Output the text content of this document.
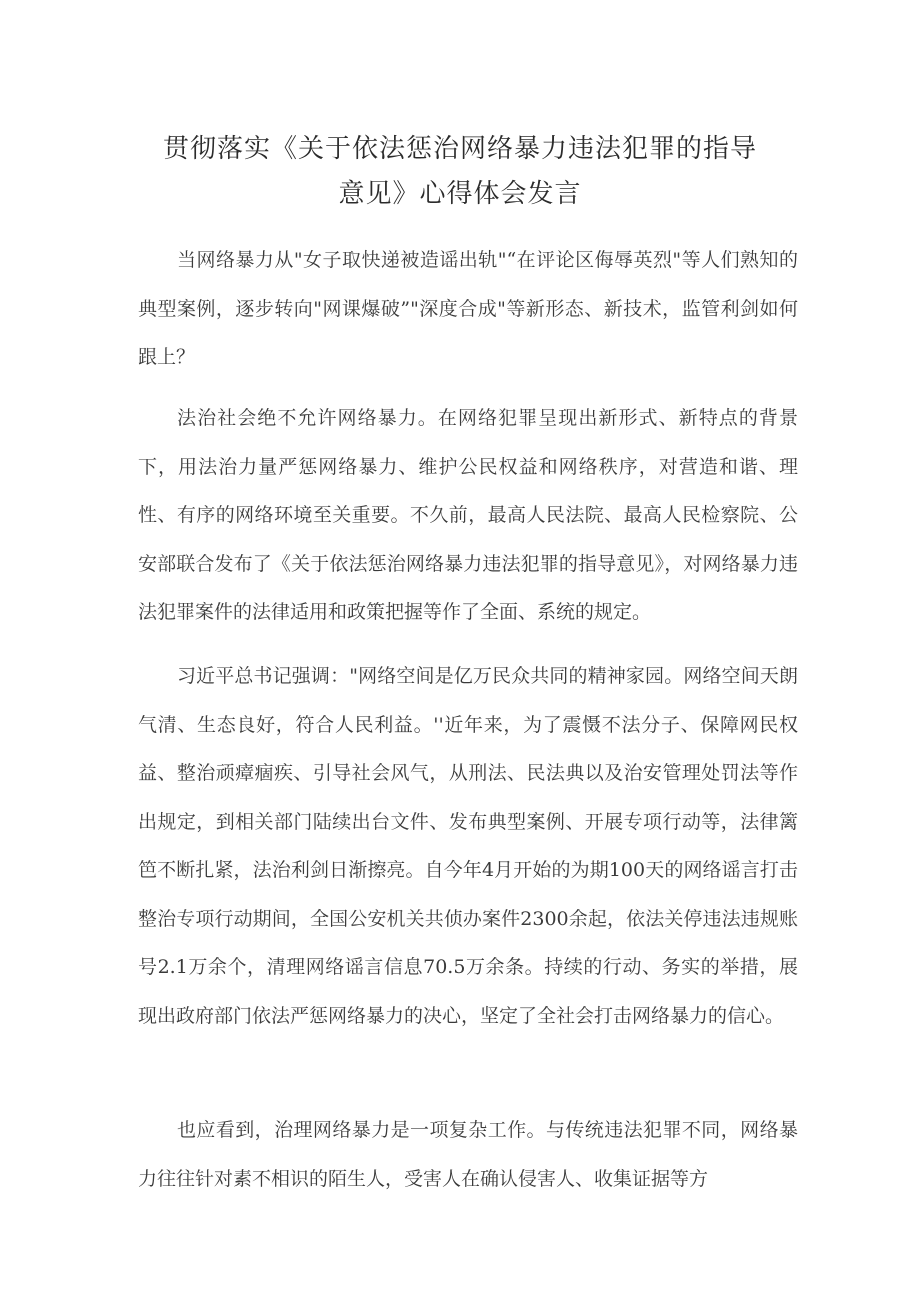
贯彻落实《关于依法惩治网络暴力违法犯罪的指导
意见》心得体会发言

当网络暴力从"女子取快递被造谣出轨"“在评论区侮辱英烈"等人们熟知的典型案例，逐步转向"网课爆破”"深度合成"等新形态、新技术，监管利剑如何跟上？

法治社会绝不允许网络暴力。在网络犯罪呈现出新形式、新特点的背景下，用法治力量严惩网络暴力、维护公民权益和网络秩序，对营造和谐、理性、有序的网络环境至关重要。不久前，最高人民法院、最高人民检察院、公安部联合发布了《关于依法惩治网络暴力违法犯罪的指导意见》，对网络暴力违法犯罪案件的法律适用和政策把握等作了全面、系统的规定。

习近平总书记强调："网络空间是亿万民众共同的精神家园。网络空间天朗气清、生态良好，符合人民利益。''近年来，为了震慑不法分子、保障网民权益、整治顽瘴痼疾、引导社会风气，从刑法、民法典以及治安管理处罚法等作出规定，到相关部门陆续出台文件、发布典型案例、开展专项行动等，法律篱笆不断扎紧，法治利剑日渐擦亮。自今年4月开始的为期100天的网络谣言打击整治专项行动期间，全国公安机关共侦办案件2300余起，依法关停违法违规账号2.1万余个，清理网络谣言信息70.5万余条。持续的行动、务实的举措，展现出政府部门依法严惩网络暴力的决心，坚定了全社会打击网络暴力的信心。

也应看到，治理网络暴力是一项复杂工作。与传统违法犯罪不同，网络暴力往往针对素不相识的陌生人，受害人在确认侵害人、收集证据等方
